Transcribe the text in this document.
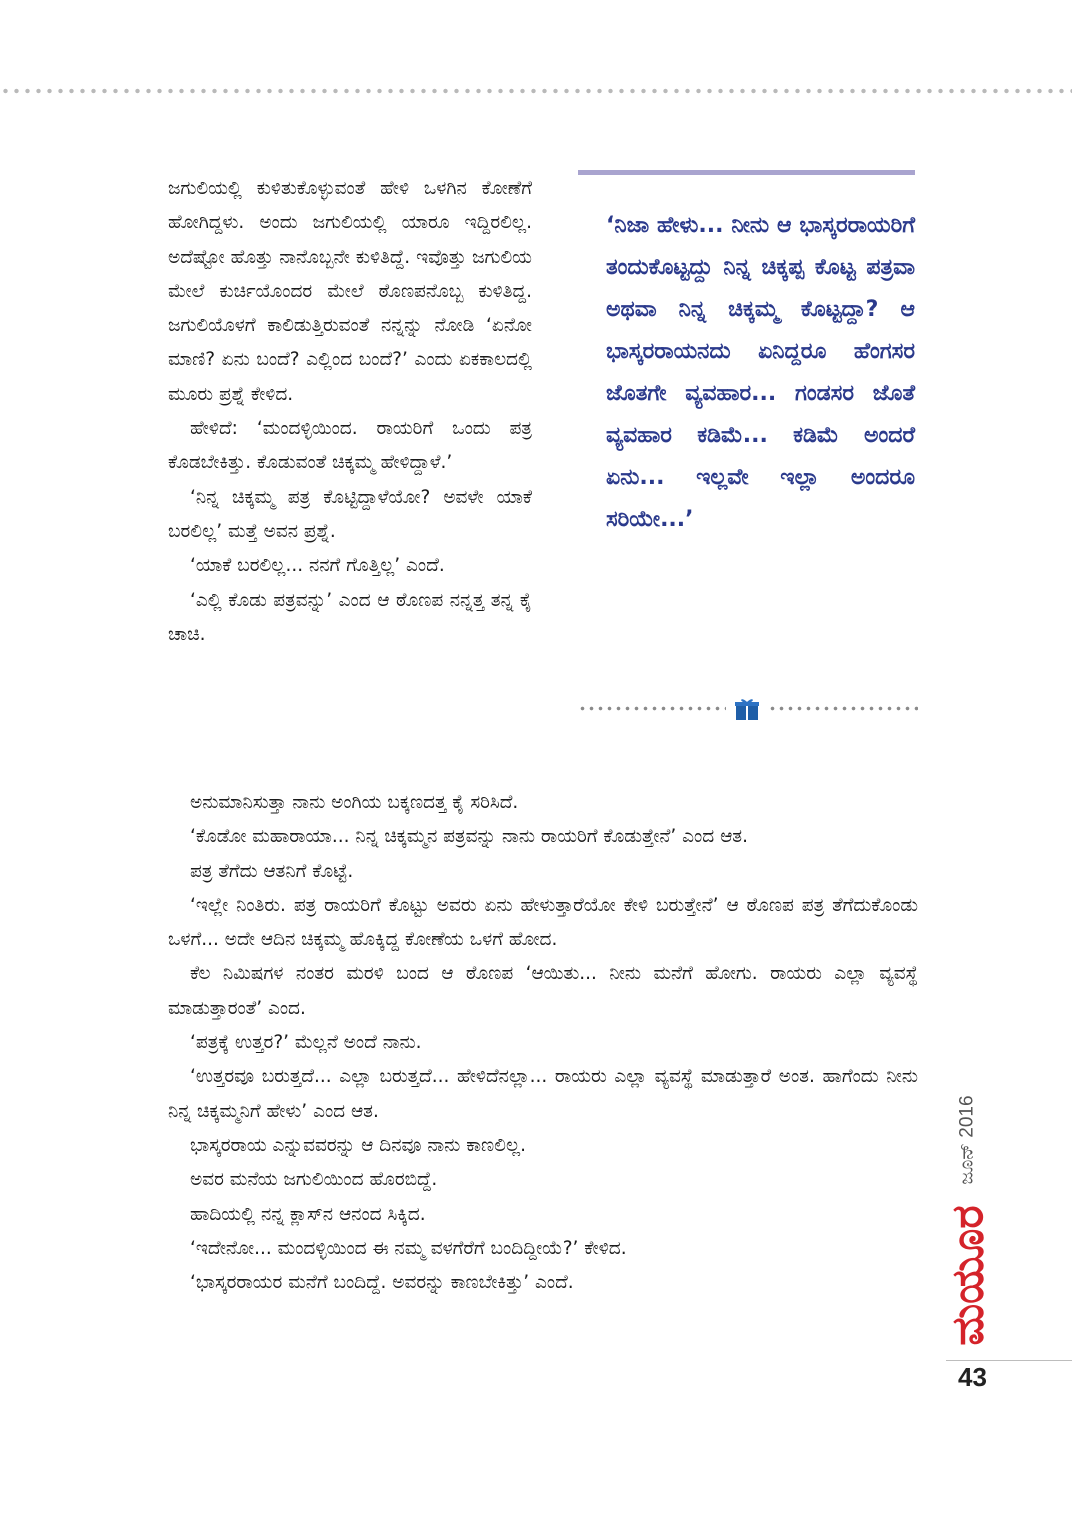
ಜಗುಲಿಯಲ್ಲಿ ಕುಳಿತುಕೊಳ್ಳುವಂತೆ ಹೇಳಿ ಒಳಗಿನ ಕೋಣೆಗೆ ಹೋಗಿದ್ದಳು. ಅಂದು ಜಗುಲಿಯಲ್ಲಿ ಯಾರೂ ಇದ್ದಿರಲಿಲ್ಲ. ಅದೆಷ್ಟೋ ಹೊತ್ತು ನಾನೊಬ್ಬನೇ ಕುಳಿತಿದ್ದೆ. ಇವೊತ್ತು ಜಗುಲಿಯ ಮೇಲೆ ಕುರ್ಚಿಯೊಂದರ ಮೇಲೆ ಠೊಣಪನೊಬ್ಬ ಕುಳಿತಿದ್ದ. ಜಗುಲಿಯೊಳಗೆ ಕಾಲಿಡುತ್ತಿರುವಂತೆ ನನ್ನನ್ನು ನೋಡಿ ‘ಏನೋ ಮಾಣಿ? ಏನು ಬಂದೆ? ಎಲ್ಲಿಂದ ಬಂದೆ?’ ಎಂದು ಏಕಕಾಲದಲ್ಲಿ ಮೂರು ಪ್ರಶ್ನೆ ಕೇಳಿದ.

ಹೇಳಿದೆ: ‘ಮಂದಳ್ಳಿಯಿಂದ. ರಾಯರಿಗೆ ಒಂದು ಪತ್ರ ಕೊಡಬೇಕಿತ್ತು. ಕೊಡುವಂತೆ ಚಿಕ್ಕಮ್ಮ ಹೇಳಿದ್ದಾಳೆ.’

‘ನಿನ್ನ ಚಿಕ್ಕಮ್ಮ ಪತ್ರ ಕೊಟ್ಟಿದ್ದಾಳೆಯೋ? ಅವಳೇ ಯಾಕೆ ಬರಲಿಲ್ಲ’ ಮತ್ತೆ ಅವನ ಪ್ರಶ್ನೆ.

‘ಯಾಕೆ ಬರಲಿಲ್ಲ... ನನಗೆ ಗೊತ್ತಿಲ್ಲ’ ಎಂದೆ.

‘ಎಲ್ಲಿ ಕೊಡು ಪತ್ರವನ್ನು’ ಎಂದ ಆ ಠೊಣಪ ನನ್ನತ್ತ ತನ್ನ ಕೈ ಚಾಚಿ.

‘ನಿಜಾ ಹೇಳು... ನೀನು ಆ ಭಾಸ್ಕರರಾಯರಿಗೆ ತಂದುಕೊಟ್ಟದ್ದು ನಿನ್ನ ಚಿಕ್ಕಪ್ಪ ಕೊಟ್ಟ ಪತ್ರವಾ ಅಥವಾ ನಿನ್ನ ಚಿಕ್ಕಮ್ಮ ಕೊಟ್ಟದ್ದಾ? ಆ ಭಾಸ್ಕರರಾಯನದು ಏನಿದ್ದರೂ ಹೆಂಗಸರ ಜೊತಗೇ ವ್ಯವಹಾರ... ಗಂಡಸರ ಜೊತೆ ವ್ಯವಹಾರ ಕಡಿಮೆ... ಕಡಿಮೆ ಅಂದರೆ ಏನು... ಇಲ್ಲವೇ ಇಲ್ಲಾ ಅಂದರೂ ಸರಿಯೇ...’

ಅನುಮಾನಿಸುತ್ತಾ ನಾನು ಅಂಗಿಯ ಬಕ್ಕಣದತ್ತ ಕೈ ಸರಿಸಿದೆ.

‘ಕೊಡೋ ಮಹಾರಾಯಾ... ನಿನ್ನ ಚಿಕ್ಕಮ್ಮನ ಪತ್ರವನ್ನು ನಾನು ರಾಯರಿಗೆ ಕೊಡುತ್ತೇನೆ’ ಎಂದ ಆತ.

ಪತ್ರ ತೆಗೆದು ಆತನಿಗೆ ಕೊಟ್ಟೆ.

‘ಇಲ್ಲೇ ನಿಂತಿರು. ಪತ್ರ ರಾಯರಿಗೆ ಕೊಟ್ಟು ಅವರು ಏನು ಹೇಳುತ್ತಾರೆಯೋ ಕೇಳಿ ಬರುತ್ತೇನೆ’ ಆ ಠೊಣಪ ಪತ್ರ ತೆಗೆದುಕೊಂಡು ಒಳಗೆ... ಅದೇ ಆದಿನ ಚಿಕ್ಕಮ್ಮ ಹೊಕ್ಕಿದ್ದ ಕೋಣೆಯ ಒಳಗೆ ಹೋದ.

ಕೆಲ ನಿಮಿಷಗಳ ನಂತರ ಮರಳಿ ಬಂದ ಆ ಠೊಣಪ ‘ಆಯಿತು... ನೀನು ಮನೆಗೆ ಹೋಗು. ರಾಯರು ಎಲ್ಲಾ ವ್ಯವಸ್ಥೆ ಮಾಡುತ್ತಾರಂತೆ’ ಎಂದ.

‘ಪತ್ರಕ್ಕೆ ಉತ್ತರ?’ ಮೆಲ್ಲನೆ ಅಂದೆ ನಾನು.

‘ಉತ್ತರವೂ ಬರುತ್ತದೆ... ಎಲ್ಲಾ ಬರುತ್ತದೆ... ಹೇಳಿದೆನಲ್ಲಾ... ರಾಯರು ಎಲ್ಲಾ ವ್ಯವಸ್ಥೆ ಮಾಡುತ್ತಾರೆ ಅಂತ. ಹಾಗೆಂದು ನೀನು ನಿನ್ನ ಚಿಕ್ಕಮ್ಮನಿಗೆ ಹೇಳು’ ಎಂದ ಆತ.

ಭಾಸ್ಕರರಾಯ ಎನ್ನುವವರನ್ನು ಆ ದಿನವೂ ನಾನು ಕಾಣಲಿಲ್ಲ.

ಅವರ ಮನೆಯ ಜಗುಲಿಯಿಂದ ಹೊರಬಿದ್ದೆ.

ಹಾದಿಯಲ್ಲಿ ನನ್ನ ಕ್ಲಾಸ್‌ನ ಆನಂದ ಸಿಕ್ಕಿದ.

‘ಇದೇನೋ... ಮಂದಳ್ಳಿಯಿಂದ ಈ ನಮ್ಮ ವಳಗೆರೆಗೆ ಬಂದಿದ್ದೀಯೆ?’ ಕೇಳಿದ.

‘ಭಾಸ್ಕರರಾಯರ ಮನೆಗೆ ಬಂದಿದ್ದೆ. ಅವರನ್ನು ಕಾಣಬೇಕಿತ್ತು’ ಎಂದೆ.

ಜೂನ್ 2016
ಮಯೂರ
43
